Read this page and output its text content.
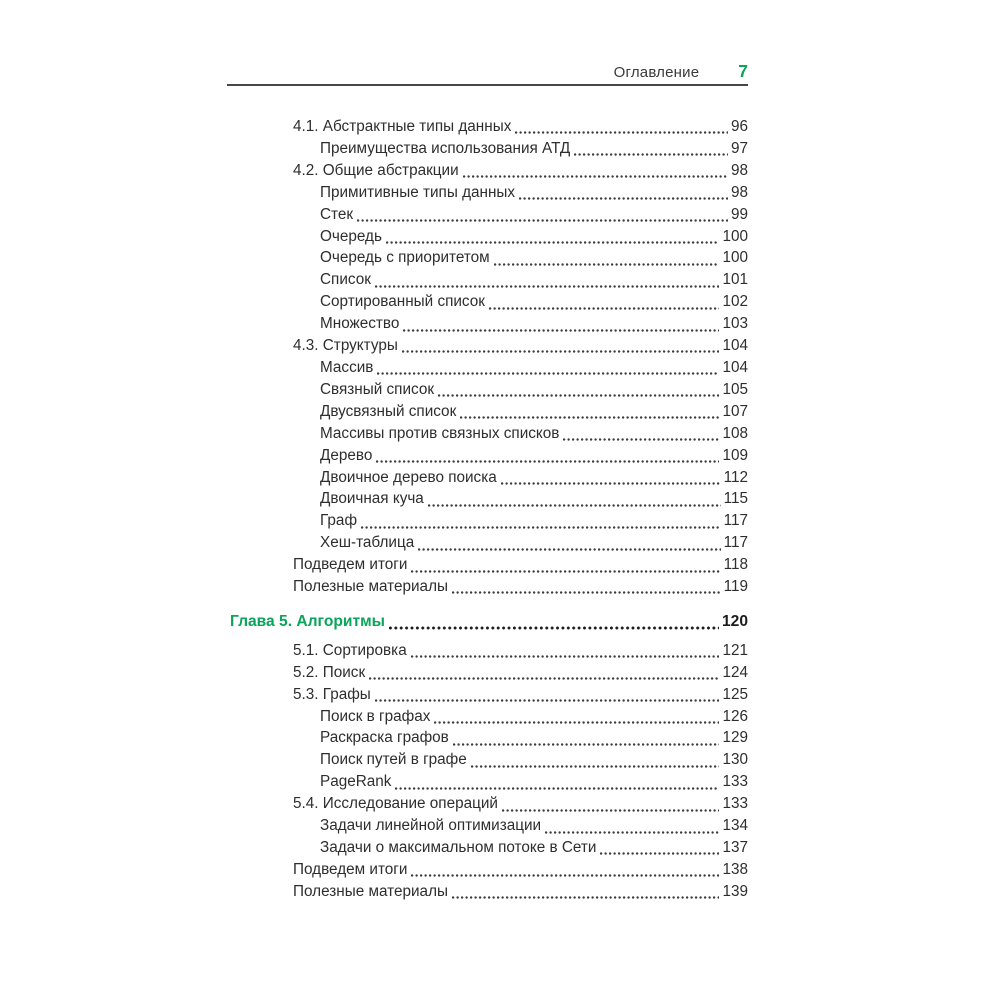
Оглавление 7
4.1. Абстрактные типы данных	96
Преимущества использования АТД	97
4.2. Общие абстракции	98
Примитивные типы данных	98
Стек	99
Очередь	100
Очередь с приоритетом	100
Список	101
Сортированный список	102
Множество	103
4.3. Структуры	104
Массив	104
Связный список	105
Двусвязный список	107
Массивы против связных списков	108
Дерево	109
Двоичное дерево поиска	112
Двоичная куча	115
Граф	117
Хеш-таблица	117
Подведем итоги	118
Полезные материалы	119
Глава 5. Алгоритмы	120
5.1. Сортировка	121
5.2. Поиск	124
5.3. Графы	125
Поиск в графах	126
Раскраска графов	129
Поиск путей в графе	130
PageRank	133
5.4. Исследование операций	133
Задачи линейной оптимизации	134
Задачи о максимальном потоке в Сети	137
Подведем итоги	138
Полезные материалы	139
